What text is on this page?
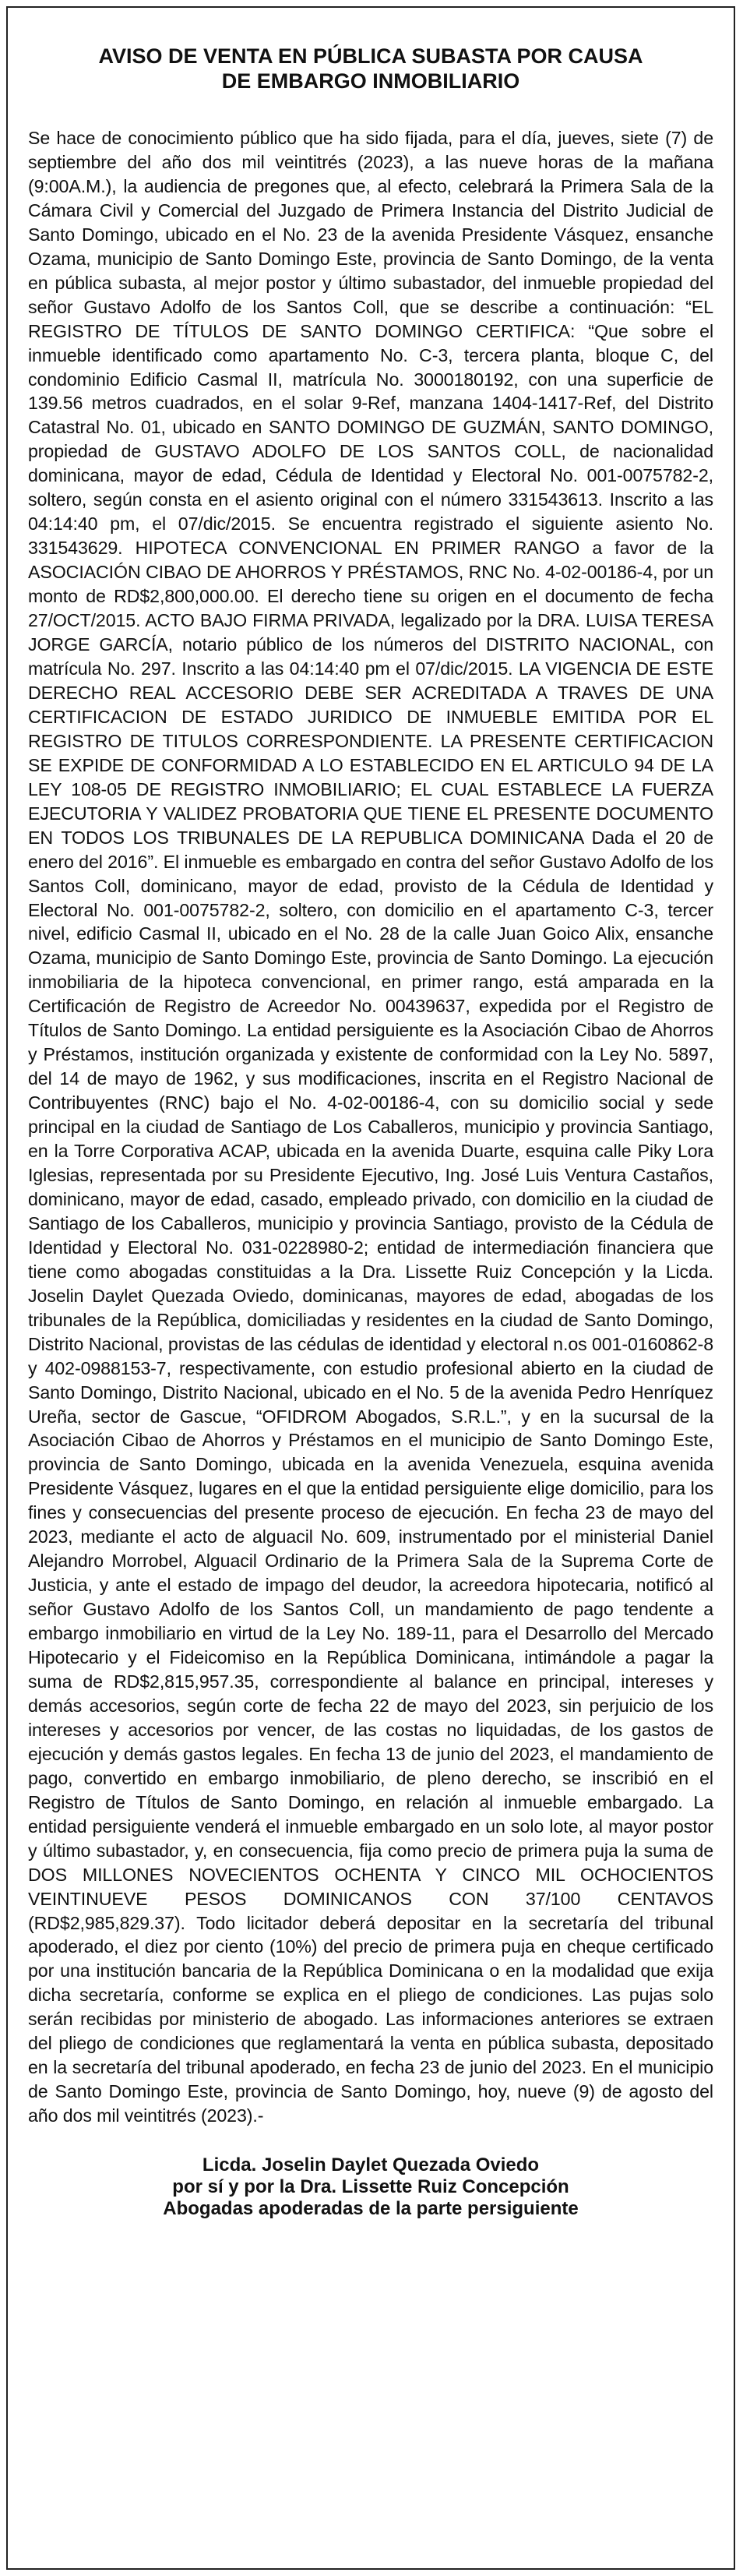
AVISO DE VENTA EN PÚBLICA SUBASTA POR CAUSA
DE EMBARGO INMOBILIARIO
Se hace de conocimiento público que ha sido fijada, para el día, jueves, siete (7) de septiembre del año dos mil veintitrés (2023), a las nueve horas de la mañana (9:00A.M.), la audiencia de pregones que, al efecto, celebrará la Primera Sala de la Cámara Civil y Comercial del Juzgado de Primera Instancia del Distrito Judicial de Santo Domingo, ubicado en el No. 23 de la avenida Presidente Vásquez, ensanche Ozama, municipio de Santo Domingo Este, provincia de Santo Domingo, de la venta en pública subasta, al mejor postor y último subastador, del inmueble propiedad del señor Gustavo Adolfo de los Santos Coll, que se describe a continuación: “EL REGISTRO DE TÍTULOS DE SANTO DOMINGO CERTIFICA: “Que sobre el inmueble identificado como apartamento No. C-3, tercera planta, bloque C, del condominio Edificio Casmal II, matrícula No. 3000180192, con una superficie de 139.56 metros cuadrados, en el solar 9-Ref, manzana 1404-1417-Ref, del Distrito Catastral No. 01, ubicado en SANTO DOMINGO DE GUZMÁN, SANTO DOMINGO, propiedad de GUSTAVO ADOLFO DE LOS SANTOS COLL, de nacionalidad dominicana, mayor de edad, Cédula de Identidad y Electoral No. 001-0075782-2, soltero, según consta en el asiento original con el número 331543613. Inscrito a las 04:14:40 pm, el 07/dic/2015. Se encuentra registrado el siguiente asiento No. 331543629. HIPOTECA CONVENCIONAL EN PRIMER RANGO a favor de la ASOCIACIÓN CIBAO DE AHORROS Y PRÉSTAMOS, RNC No. 4-02-00186-4, por un monto de RD$2,800,000.00. El derecho tiene su origen en el documento de fecha 27/OCT/2015. ACTO BAJO FIRMA PRIVADA, legalizado por la DRA. LUISA TERESA JORGE GARCÍA, notario público de los números del DISTRITO NACIONAL, con matrícula No. 297. Inscrito a las 04:14:40 pm el 07/dic/2015. LA VIGENCIA DE ESTE DERECHO REAL ACCESORIO DEBE SER ACREDITADA A TRAVES DE UNA CERTIFICACION DE ESTADO JURIDICO DE INMUEBLE EMITIDA POR EL REGISTRO DE TITULOS CORRESPONDIENTE. LA PRESENTE CERTIFICACION SE EXPIDE DE CONFORMIDAD A LO ESTABLECIDO EN EL ARTICULO 94 DE LA LEY 108-05 DE REGISTRO INMOBILIARIO; EL CUAL ESTABLECE LA FUERZA EJECUTORIA Y VALIDEZ PROBATORIA QUE TIENE EL PRESENTE DOCUMENTO EN TODOS LOS TRIBUNALES DE LA REPUBLICA DOMINICANA Dada el 20 de enero del 2016”. El inmueble es embargado en contra del señor Gustavo Adolfo de los Santos Coll, dominicano, mayor de edad, provisto de la Cédula de Identidad y Electoral No. 001-0075782-2, soltero, con domicilio en el apartamento C-3, tercer nivel, edificio Casmal II, ubicado en el No. 28 de la calle Juan Goico Alix, ensanche Ozama, municipio de Santo Domingo Este, provincia de Santo Domingo. La ejecución inmobiliaria de la hipoteca convencional, en primer rango, está amparada en la Certificación de Registro de Acreedor No. 00439637, expedida por el Registro de Títulos de Santo Domingo. La entidad persiguiente es la Asociación Cibao de Ahorros y Préstamos, institución organizada y existente de conformidad con la Ley No. 5897, del 14 de mayo de 1962, y sus modificaciones, inscrita en el Registro Nacional de Contribuyentes (RNC) bajo el No. 4-02-00186-4, con su domicilio social y sede principal en la ciudad de Santiago de Los Caballeros, municipio y provincia Santiago, en la Torre Corporativa ACAP, ubicada en la avenida Duarte, esquina calle Piky Lora Iglesias, representada por su Presidente Ejecutivo, Ing. José Luis Ventura Castaños, dominicano, mayor de edad, casado, empleado privado, con domicilio en la ciudad de Santiago de los Caballeros, municipio y provincia Santiago, provisto de la Cédula de Identidad y Electoral No. 031-0228980-2; entidad de intermediación financiera que tiene como abogadas constituidas a la Dra. Lissette Ruiz Concepción y la Licda. Joselin Daylet Quezada Oviedo, dominicanas, mayores de edad, abogadas de los tribunales de la República, domiciliadas y residentes en la ciudad de Santo Domingo, Distrito Nacional, provistas de las cédulas de identidad y electoral n.os 001-0160862-8 y 402-0988153-7, respectivamente, con estudio profesional abierto en la ciudad de Santo Domingo, Distrito Nacional, ubicado en el No. 5 de la avenida Pedro Henríquez Ureña, sector de Gascue, “OFIDROM Abogados, S.R.L.”, y en la sucursal de la Asociación Cibao de Ahorros y Préstamos en el municipio de Santo Domingo Este, provincia de Santo Domingo, ubicada en la avenida Venezuela, esquina avenida Presidente Vásquez, lugares en el que la entidad persiguiente elige domicilio, para los fines y consecuencias del presente proceso de ejecución. En fecha 23 de mayo del 2023, mediante el acto de alguacil No. 609, instrumentado por el ministerial Daniel Alejandro Morrobel, Alguacil Ordinario de la Primera Sala de la Suprema Corte de Justicia, y ante el estado de impago del deudor, la acreedora hipotecaria, notificó al señor Gustavo Adolfo de los Santos Coll, un mandamiento de pago tendente a embargo inmobiliario en virtud de la Ley No. 189-11, para el Desarrollo del Mercado Hipotecario y el Fideicomiso en la República Dominicana, intimándole a pagar la suma de RD$2,815,957.35, correspondiente al balance en principal, intereses y demás accesorios, según corte de fecha 22 de mayo del 2023, sin perjuicio de los intereses y accesorios por vencer, de las costas no liquidadas, de los gastos de ejecución y demás gastos legales. En fecha 13 de junio del 2023, el mandamiento de pago, convertido en embargo inmobiliario, de pleno derecho, se inscribió en el Registro de Títulos de Santo Domingo, en relación al inmueble embargado. La entidad persiguiente venderá el inmueble embargado en un solo lote, al mayor postor y último subastador, y, en consecuencia, fija como precio de primera puja la suma de DOS MILLONES NOVECIENTOS OCHENTA Y CINCO MIL OCHOCIENTOS VEINTINUEVE PESOS DOMINICANOS CON 37/100 CENTAVOS (RD$2,985,829.37). Todo licitador deberá depositar en la secretaría del tribunal apoderado, el diez por ciento (10%) del precio de primera puja en cheque certificado por una institución bancaria de la República Dominicana o en la modalidad que exija dicha secretaría, conforme se explica en el pliego de condiciones. Las pujas solo serán recibidas por ministerio de abogado. Las informaciones anteriores se extraen del pliego de condiciones que reglamentará la venta en pública subasta, depositado en la secretaría del tribunal apoderado, en fecha 23 de junio del 2023. En el municipio de Santo Domingo Este, provincia de Santo Domingo, hoy, nueve (9) de agosto del año dos mil veintitrés (2023).-
Licda. Joselin Daylet Quezada Oviedo
por sí y por la Dra. Lissette Ruiz Concepción
Abogadas apoderadas de la parte persiguiente
